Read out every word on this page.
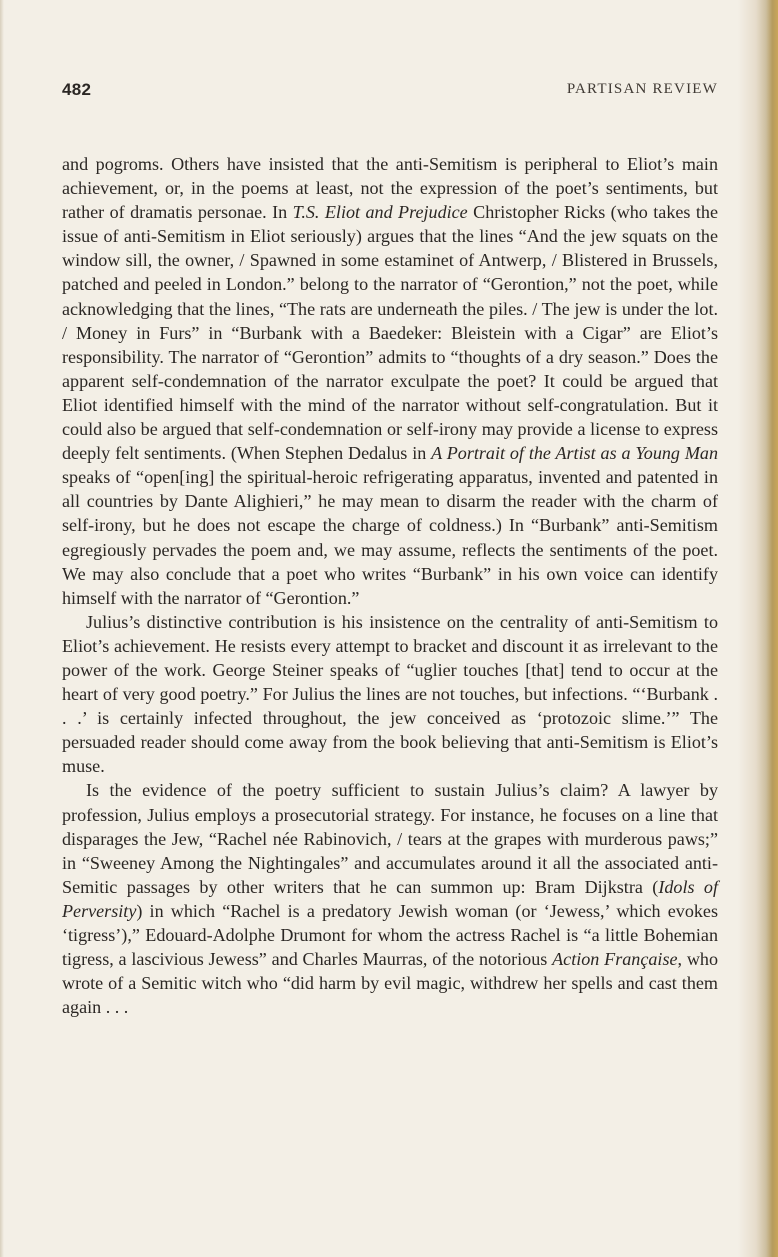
482	PARTISAN REVIEW

and pogroms. Others have insisted that the anti-Semitism is peripheral to Eliot’s main achievement, or, in the poems at least, not the expression of the poet’s sentiments, but rather of dramatis personae. In T.S. Eliot and Prejudice Christopher Ricks (who takes the issue of anti-Semitism in Eliot seriously) argues that the lines “And the jew squats on the window sill, the owner, / Spawned in some estaminet of Antwerp, / Blistered in Brussels, patched and peeled in London.” belong to the narrator of “Gerontion,” not the poet, while acknowledging that the lines, “The rats are underneath the piles. / The jew is under the lot. / Money in Furs” in “Burbank with a Baedeker: Bleistein with a Cigar” are Eliot’s responsibility. The narrator of “Gerontion” admits to “thoughts of a dry season.” Does the apparent self-condemnation of the narrator exculpate the poet? It could be argued that Eliot identified himself with the mind of the narrator without self-congratulation. But it could also be argued that self-condemnation or self-irony may provide a license to express deeply felt sentiments. (When Stephen Dedalus in A Portrait of the Artist as a Young Man speaks of “open[ing] the spiritual-heroic refrigerating apparatus, invented and patented in all countries by Dante Alighieri,” he may mean to disarm the reader with the charm of self-irony, but he does not escape the charge of coldness.) In “Burbank” anti-Semitism egregiously pervades the poem and, we may assume, reflects the sentiments of the poet. We may also conclude that a poet who writes “Burbank” in his own voice can identify himself with the narrator of “Gerontion.”

Julius’s distinctive contribution is his insistence on the centrality of anti-Semitism to Eliot’s achievement. He resists every attempt to bracket and discount it as irrelevant to the power of the work. George Steiner speaks of “uglier touches [that] tend to occur at the heart of very good poetry.” For Julius the lines are not touches, but infections. “‘Burbank . . .’ is certainly infected throughout, the jew conceived as ‘protozoic slime.’” The persuaded reader should come away from the book believing that anti-Semitism is Eliot’s muse.

Is the evidence of the poetry sufficient to sustain Julius’s claim? A lawyer by profession, Julius employs a prosecutorial strategy. For instance, he focuses on a line that disparages the Jew, “Rachel née Rabinovich, / tears at the grapes with murderous paws;” in “Sweeney Among the Nightingales” and accumulates around it all the associated anti-Semitic passages by other writers that he can summon up: Bram Dijkstra (Idols of Perversity) in which “Rachel is a predatory Jewish woman (or ‘Jewess,’ which evokes ‘tigress’),” Edouard-Adolphe Drumont for whom the actress Rachel is “a little Bohemian tigress, a lascivious Jewess” and Charles Maurras, of the notorious Action Française, who wrote of a Semitic witch who “did harm by evil magic, withdrew her spells and cast them again . . .
